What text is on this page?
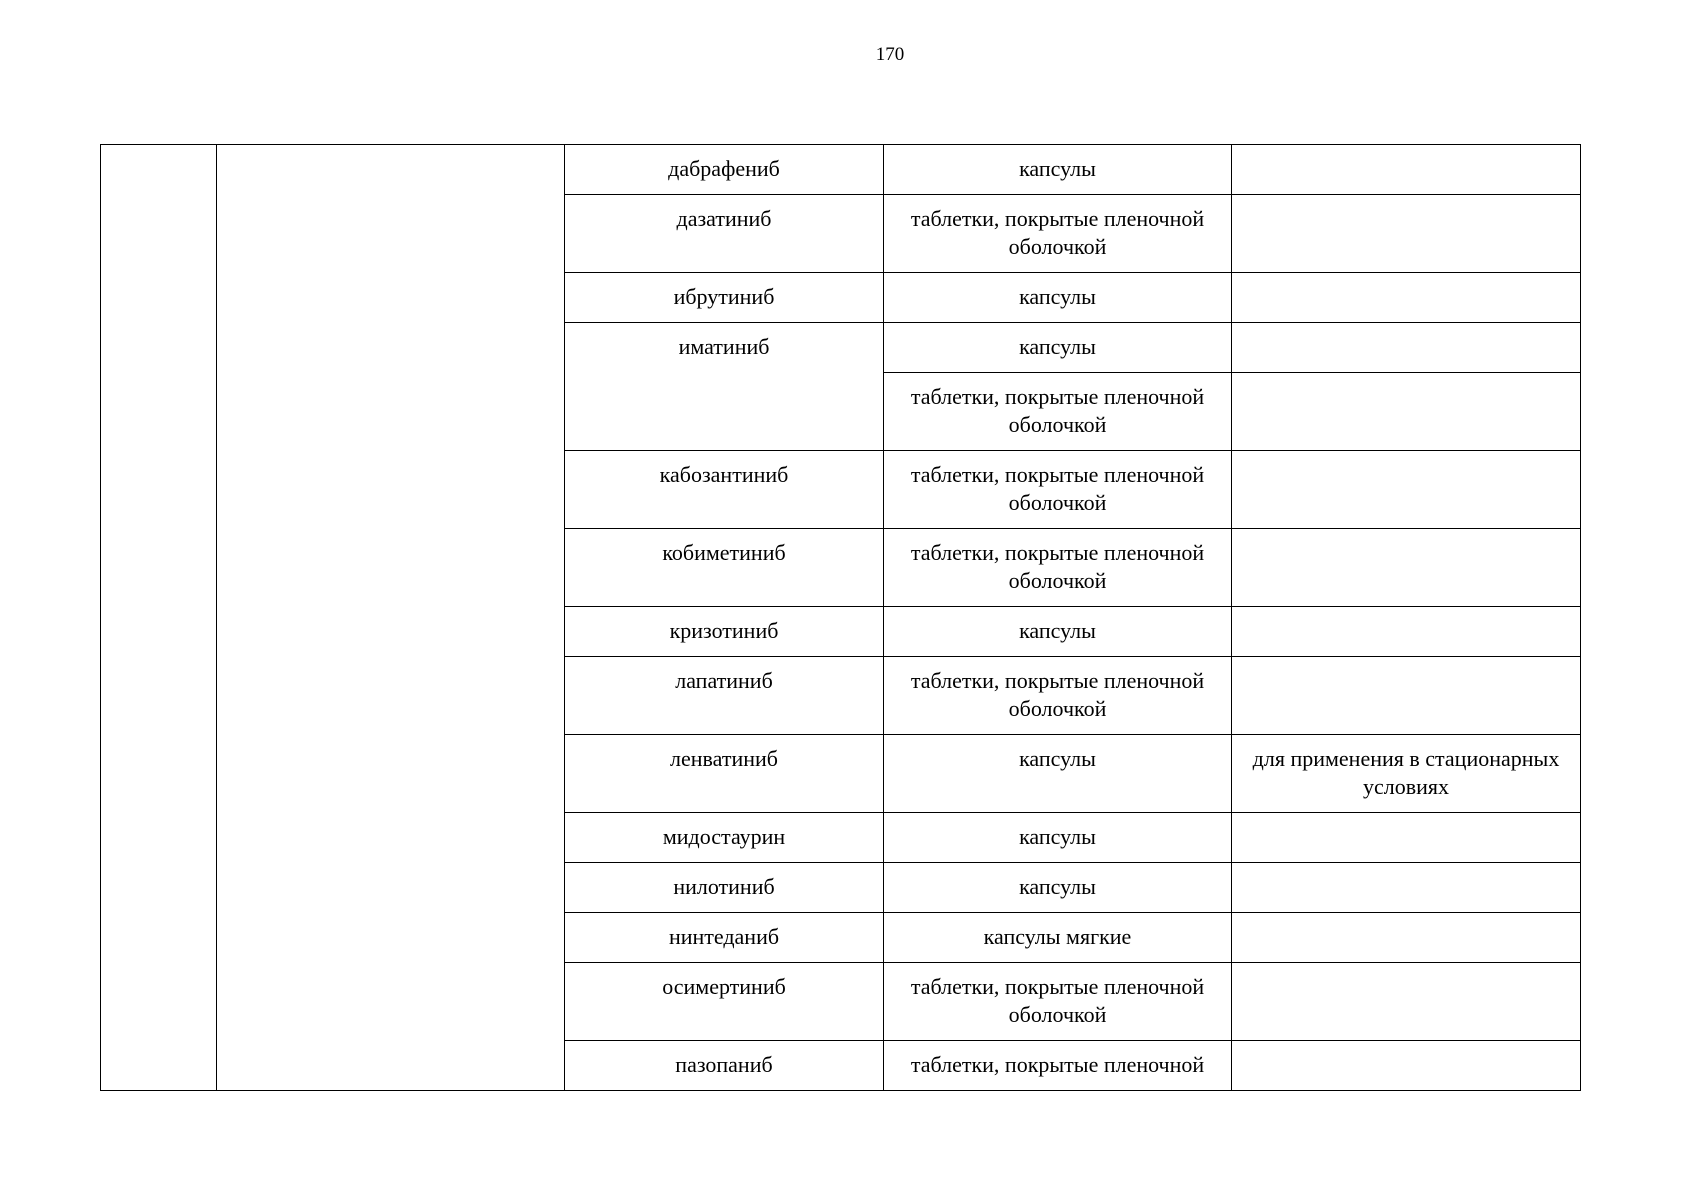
170
		дабрафениб	капсулы	
		дазатиниб	таблетки, покрытые пленочной оболочкой	
		ибрутиниб	капсулы	
		иматиниб	капсулы	
			таблетки, покрытые пленочной оболочкой	
		кабозантиниб	таблетки, покрытые пленочной оболочкой	
		кобиметиниб	таблетки, покрытые пленочной оболочкой	
		кризотиниб	капсулы	
		лапатиниб	таблетки, покрытые пленочной оболочкой	
		ленватиниб	капсулы	для применения в стационарных условиях
		мидостаурин	капсулы	
		нилотиниб	капсулы	
		нинтеданиб	капсулы мягкие	
		осимертиниб	таблетки, покрытые пленочной оболочкой	
		пазопаниб	таблетки, покрытые пленочной	
